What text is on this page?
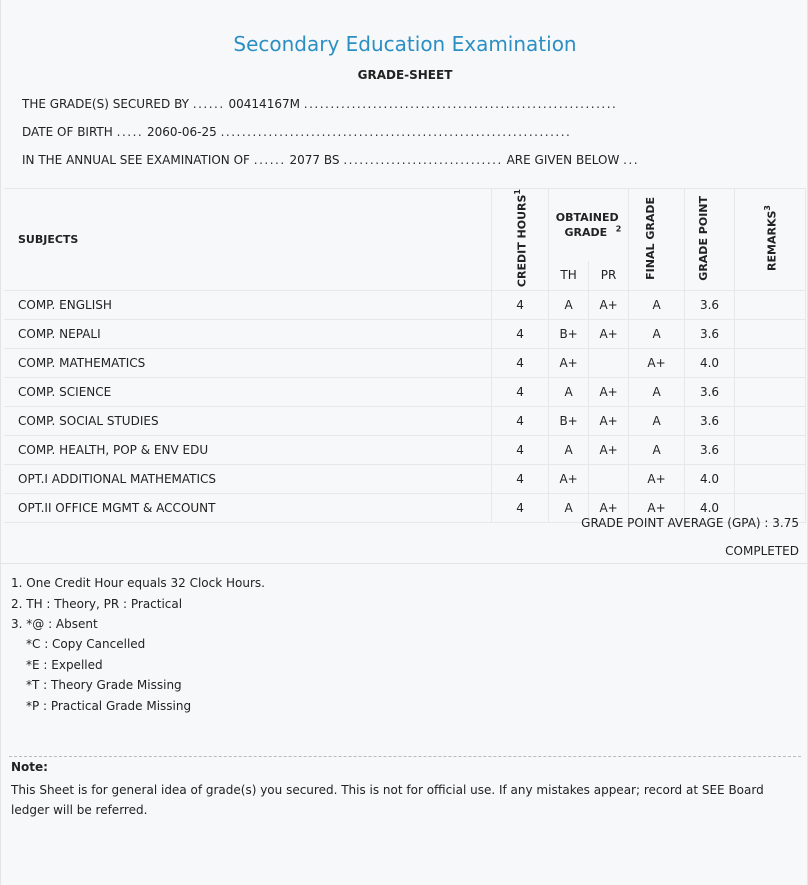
Secondary Education Examination
GRADE-SHEET
THE GRADE(S) SECURED BY ...... 00414167M ...........................................................
DATE OF BIRTH ..... 2060-06-25 ..................................................................
IN THE ANNUAL SEE EXAMINATION OF ...... 2077 BS .............................. ARE GIVEN BELOW ...
SUBJECTS	CREDIT HOURS$^1$	OBTAINED GRADE $^2$		FINAL GRADE	GRADE POINT	REMARKS$^3$
		TH	PR			
COMP. ENGLISH	4	A	A+	A	3.6	
COMP. NEPALI	4	B+	A+	A	3.6	
COMP. MATHEMATICS	4	A+		A+	4.0	
COMP. SCIENCE	4	A	A+	A	3.6	
COMP. SOCIAL STUDIES	4	B+	A+	A	3.6	
COMP. HEALTH, POP & ENV EDU	4	A	A+	A	3.6	
OPT.I ADDITIONAL MATHEMATICS	4	A+		A+	4.0	
OPT.II OFFICE MGMT & ACCOUNT	4	A	A+	A+	4.0	
GRADE POINT AVERAGE (GPA) : 3.75
COMPLETED
1. One Credit Hour equals 32 Clock Hours.
2. TH : Theory, PR : Practical
3. *@ : Absent
*C : Copy Cancelled
*E : Expelled
*T : Theory Grade Missing
*P : Practical Grade Missing
Note:
This Sheet is for general idea of grade(s) you secured. This is not for official use. If any mistakes appear; record at SEE Board ledger will be referred.
